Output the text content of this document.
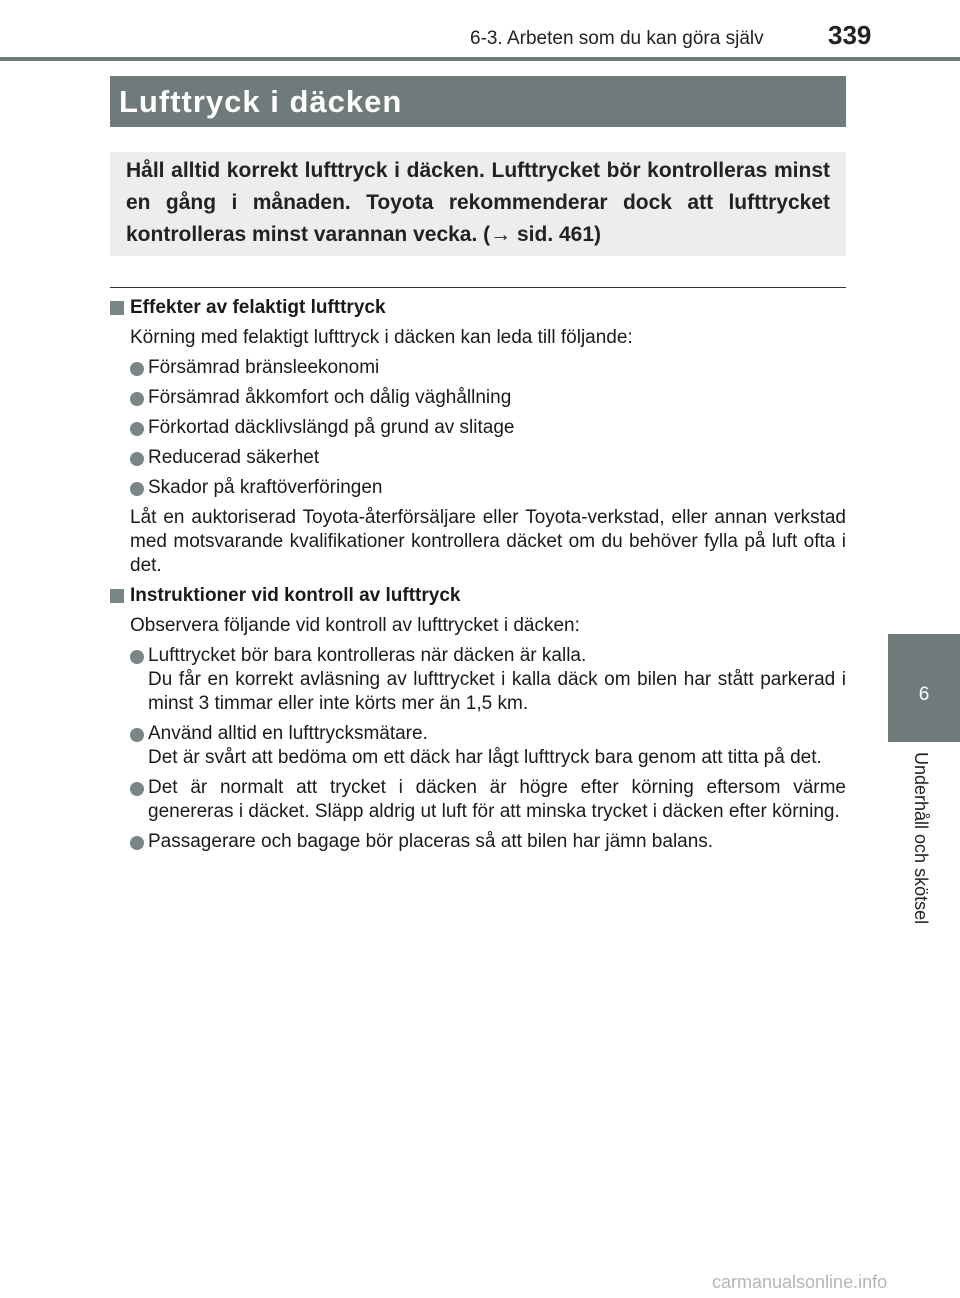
6-3. Arbeten som du kan göra själv 339
Lufttryck i däcken
Håll alltid korrekt lufttryck i däcken. Lufttrycket bör kontrolleras minst en gång i månaden. Toyota rekommenderar dock att lufttrycket kontrolleras minst varannan vecka. (→ sid. 461)
Effekter av felaktigt lufttryck
Körning med felaktigt lufttryck i däcken kan leda till följande:
Försämrad bränsleekonomi
Försämrad åkkomfort och dålig väghållning
Förkortad däcklivslängd på grund av slitage
Reducerad säkerhet
Skador på kraftöverföringen
Låt en auktoriserad Toyota-återförsäljare eller Toyota-verkstad, eller annan verkstad med motsvarande kvalifikationer kontrollera däcket om du behöver fylla på luft ofta i det.
Instruktioner vid kontroll av lufttryck
Observera följande vid kontroll av lufttrycket i däcken:
Lufttrycket bör bara kontrolleras när däcken är kalla.
Du får en korrekt avläsning av lufttrycket i kalla däck om bilen har stått parkerad i minst 3 timmar eller inte körts mer än 1,5 km.
Använd alltid en lufttrycksmätare.
Det är svårt att bedöma om ett däck har lågt lufttryck bara genom att titta på det.
Det är normalt att trycket i däcken är högre efter körning eftersom värme genereras i däcket. Släpp aldrig ut luft för att minska trycket i däcken efter körning.
Passagerare och bagage bör placeras så att bilen har jämn balans.
6
Underhåll och skötsel
carmanualsonline.info
